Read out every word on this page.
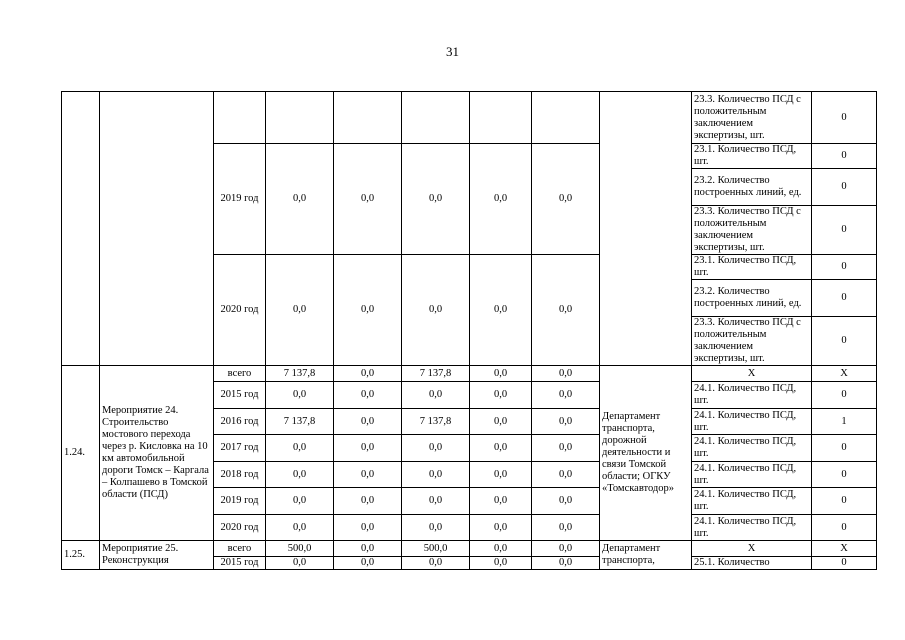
31
									23.3. Количество ПСД с положительным заключением экспертизы, шт.	0
		2019 год	0,0	0,0	0,0	0,0	0,0		23.1. Количество ПСД, шт.	0
									23.2. Количество построенных линий, ед.	0
									23.3. Количество ПСД с положительным заключением экспертизы, шт.	0
		2020 год	0,0	0,0	0,0	0,0	0,0		23.1. Количество ПСД, шт.	0
									23.2. Количество построенных линий, ед.	0
									23.3. Количество ПСД с положительным заключением экспертизы, шт.	0
1.24.	Мероприятие 24. Строительство мостового перехода через р. Кисловка на 10 км автомобильной дороги Томск – Каргала – Колпашево в Томской области (ПСД)	всего	7 137,8	0,0	7 137,8	0,0	0,0	Департамент транспорта, дорожной деятельности и связи Томской области; ОГКУ «Томскавтодор»	Х	Х
		2015 год	0,0	0,0	0,0	0,0	0,0		24.1. Количество ПСД, шт.	0
		2016 год	7 137,8	0,0	7 137,8	0,0	0,0		24.1. Количество ПСД, шт.	1
		2017 год	0,0	0,0	0,0	0,0	0,0		24.1. Количество ПСД, шт.	0
		2018 год	0,0	0,0	0,0	0,0	0,0		24.1. Количество ПСД, шт.	0
		2019 год	0,0	0,0	0,0	0,0	0,0		24.1. Количество ПСД, шт.	0
		2020 год	0,0	0,0	0,0	0,0	0,0		24.1. Количество ПСД, шт.	0
1.25.	Мероприятие 25. Реконструкция	всего	500,0	0,0	500,0	0,0	0,0	Департамент транспорта,	Х	Х
		2015 год	0,0	0,0	0,0	0,0	0,0		25.1. Количество	0
